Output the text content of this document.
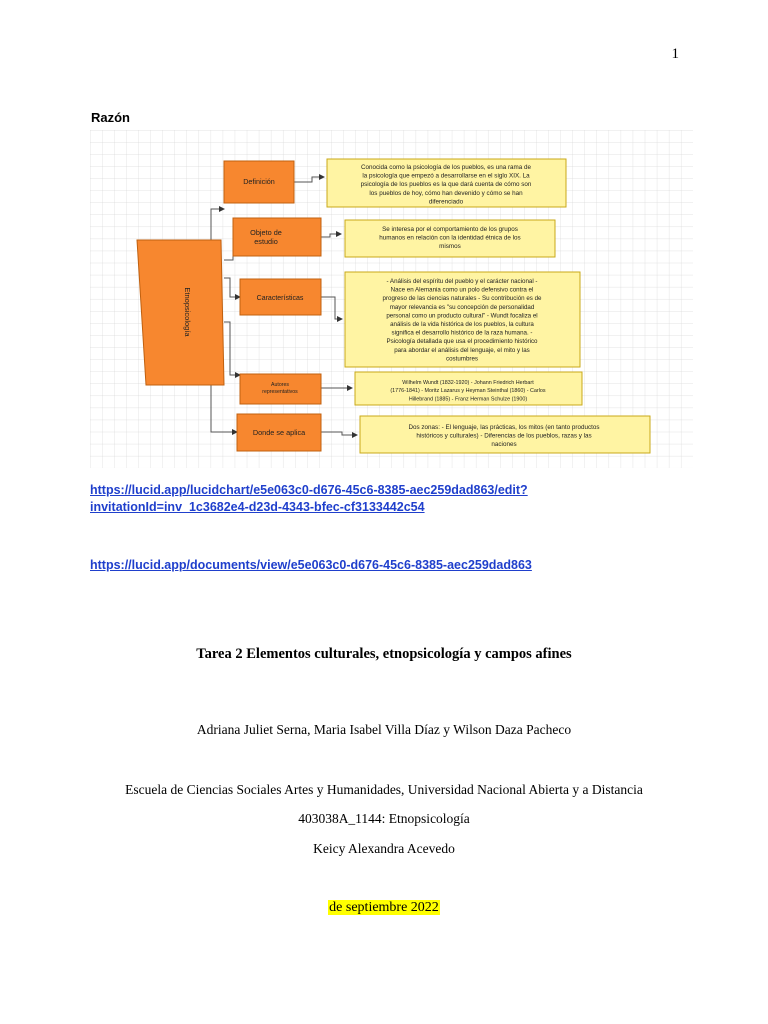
1
Razón
Etnopsicología
Definición
Conocida como la psicología de los pueblos, es una rama de
la psicología que empezó a desarrollarse en el siglo XIX. La
psicología de los pueblos es la que dará cuenta de cómo son
los pueblos de hoy, cómo han devenido y cómo se han
diferenciado
Objeto de
estudio
Se interesa por el comportamiento de los grupos
humanos en relación con la identidad étnica de los
mismos
Características
- Análisis del espíritu del pueblo y el carácter nacional -
Nace en Alemania como un polo defensivo contra el
progreso de las ciencias naturales - Su contribución es de
mayor relevancia es "su concepción de personalidad
personal como un producto cultural" - Wundt focaliza el
análisis de la vida histórica de los pueblos, la cultura
significa el desarrollo histórico de la raza humana. -
Psicología detallada que usa el procedimiento histórico
para abordar el análisis del lenguaje, el mito y las
costumbres
Autores
representativos
Wilhelm Wundt (1832-1920) - Johann Friedrich Herbart
(1776-1841) - Moritz Lazarus y Heyman Steinthal (1860) - Carlos
Hillebrand (1885) - Franz Herman Schulze (1900)
Donde se aplica
Dos zonas: - El lenguaje, las prácticas, los mitos (en tanto productos
históricos y culturales) - Diferencias de los pueblos, razas y las
naciones
https://lucid.app/lucidchart/e5e063c0-d676-45c6-8385-aec259dad863/edit?
invitationId=inv_1c3682e4-d23d-4343-bfec-cf3133442c54
https://lucid.app/documents/view/e5e063c0-d676-45c6-8385-aec259dad863
Tarea 2 Elementos culturales, etnopsicología y campos afines
Adriana Juliet Serna, Maria Isabel Villa Díaz y Wilson Daza Pacheco
Escuela de Ciencias Sociales Artes y Humanidades, Universidad Nacional Abierta y a Distancia
403038A_1144: Etnopsicología
Keicy Alexandra Acevedo
de septiembre 2022
